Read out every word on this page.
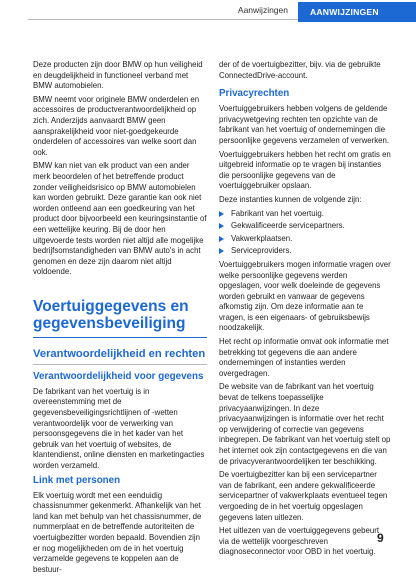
Aanwijzingen	AANWIJZINGEN

Deze producten zijn door BMW op hun veiligheid en deugdelijkheid in functioneel verband met BMW automobielen.

BMW neemt voor originele BMW onderdelen en accessoires de productverantwoordelijkheid op zich. Anderzijds aanvaardt BMW geen aansprakelijkheid voor niet-goedgekeurde onderdelen of accessoires van welke soort dan ook.

BMW kan niet van elk product van een ander merk beoordelen of het betreffende product zonder veiligheidsrisico op BMW automobielen kan worden gebruikt. Deze garantie kan ook niet worden ontleend aan een goedkeuring van het product door bijvoorbeeld een keuringsinstantie of een wettelijke keuring. Bij de door hen uitgevoerde tests worden niet altijd alle mogelijke bedrijfsomstandigheden van BMW auto's in acht genomen en deze zijn daarom niet altijd voldoende.

Voertuiggegevens en gegevensbeveiliging
Verantwoordelijkheid en rechten
Verantwoordelijkheid voor gegevens

De fabrikant van het voertuig is in overeenstemming met de gegevensbeveiligingsrichtlijnen of -wetten verantwoordelijk voor de verwerking van persoonsgegevens die in het kader van het gebruik van het voertuig of websites, de klantendienst, online diensten en marketingacties worden verzameld.

Link met personen

Elk voertuig wordt met een eenduidig chassisnummer gekenmerkt. Afhankelijk van het land kan met behulp van het chassisnummer, de nummerplaat en de betreffende autoriteiten de voertuigbezitter worden bepaald. Bovendien zijn er nog mogelijkheden om de in het voertuig verzamelde gegevens te koppelen aan de bestuur-

der of de voertuigbezitter, bijv. via de gebruikte ConnectedDrive-account.

Privacyrechten

Voertuiggebruikers hebben volgens de geldende privacywetgeving rechten ten opzichte van de fabrikant van het voertuig of ondernemingen die persoonlijke gegevens verzamelen of verwerken.

Voertuiggebruikers hebben het recht om gratis en uitgebreid informatie op te vragen bij instanties die persoonlijke gegevens van de voertuiggebruiker opslaan.

Deze instanties kunnen de volgende zijn:

Fabrikant van het voertuig.
Gekwalificeerde servicepartners.
Vakwerkplaatsen.
Serviceproviders.

Voertuiggebruikers mogen informatie vragen over welke persoonlijke gegevens werden opgeslagen, voor welk doeleinde de gegevens worden gebruikt en vanwaar de gegevens afkomstig zijn. Om deze informatie aan te vragen, is een eigenaars- of gebruiksbewijs noodzakelijk.

Het recht op informatie omvat ook informatie met betrekking tot gegevens die aan andere ondernemingen of instanties werden overgedragen.

De website van de fabrikant van het voertuig bevat de telkens toepasselijke privacyaanwijzingen. In deze privacyaanwijzingen is informatie over het recht op verwijdering of correctie van gegevens inbegrepen. De fabrikant van het voertuig stelt op het internet ook zijn contactgegevens en die van de privacyverantwoordelijken ter beschikking.

De voertuigbezitter kan bij een servicepartner van de fabrikant, een andere gekwalificeerde servicepartner of vakwerkplaats eventueel tegen vergoeding de in het voertuig opgeslagen gegevens laten uitlezen.

Het uitlezen van de voertuiggegevens gebeurt via de wettelijk voorgeschreven diagnoseconnector voor OBD in het voertuig.

9
